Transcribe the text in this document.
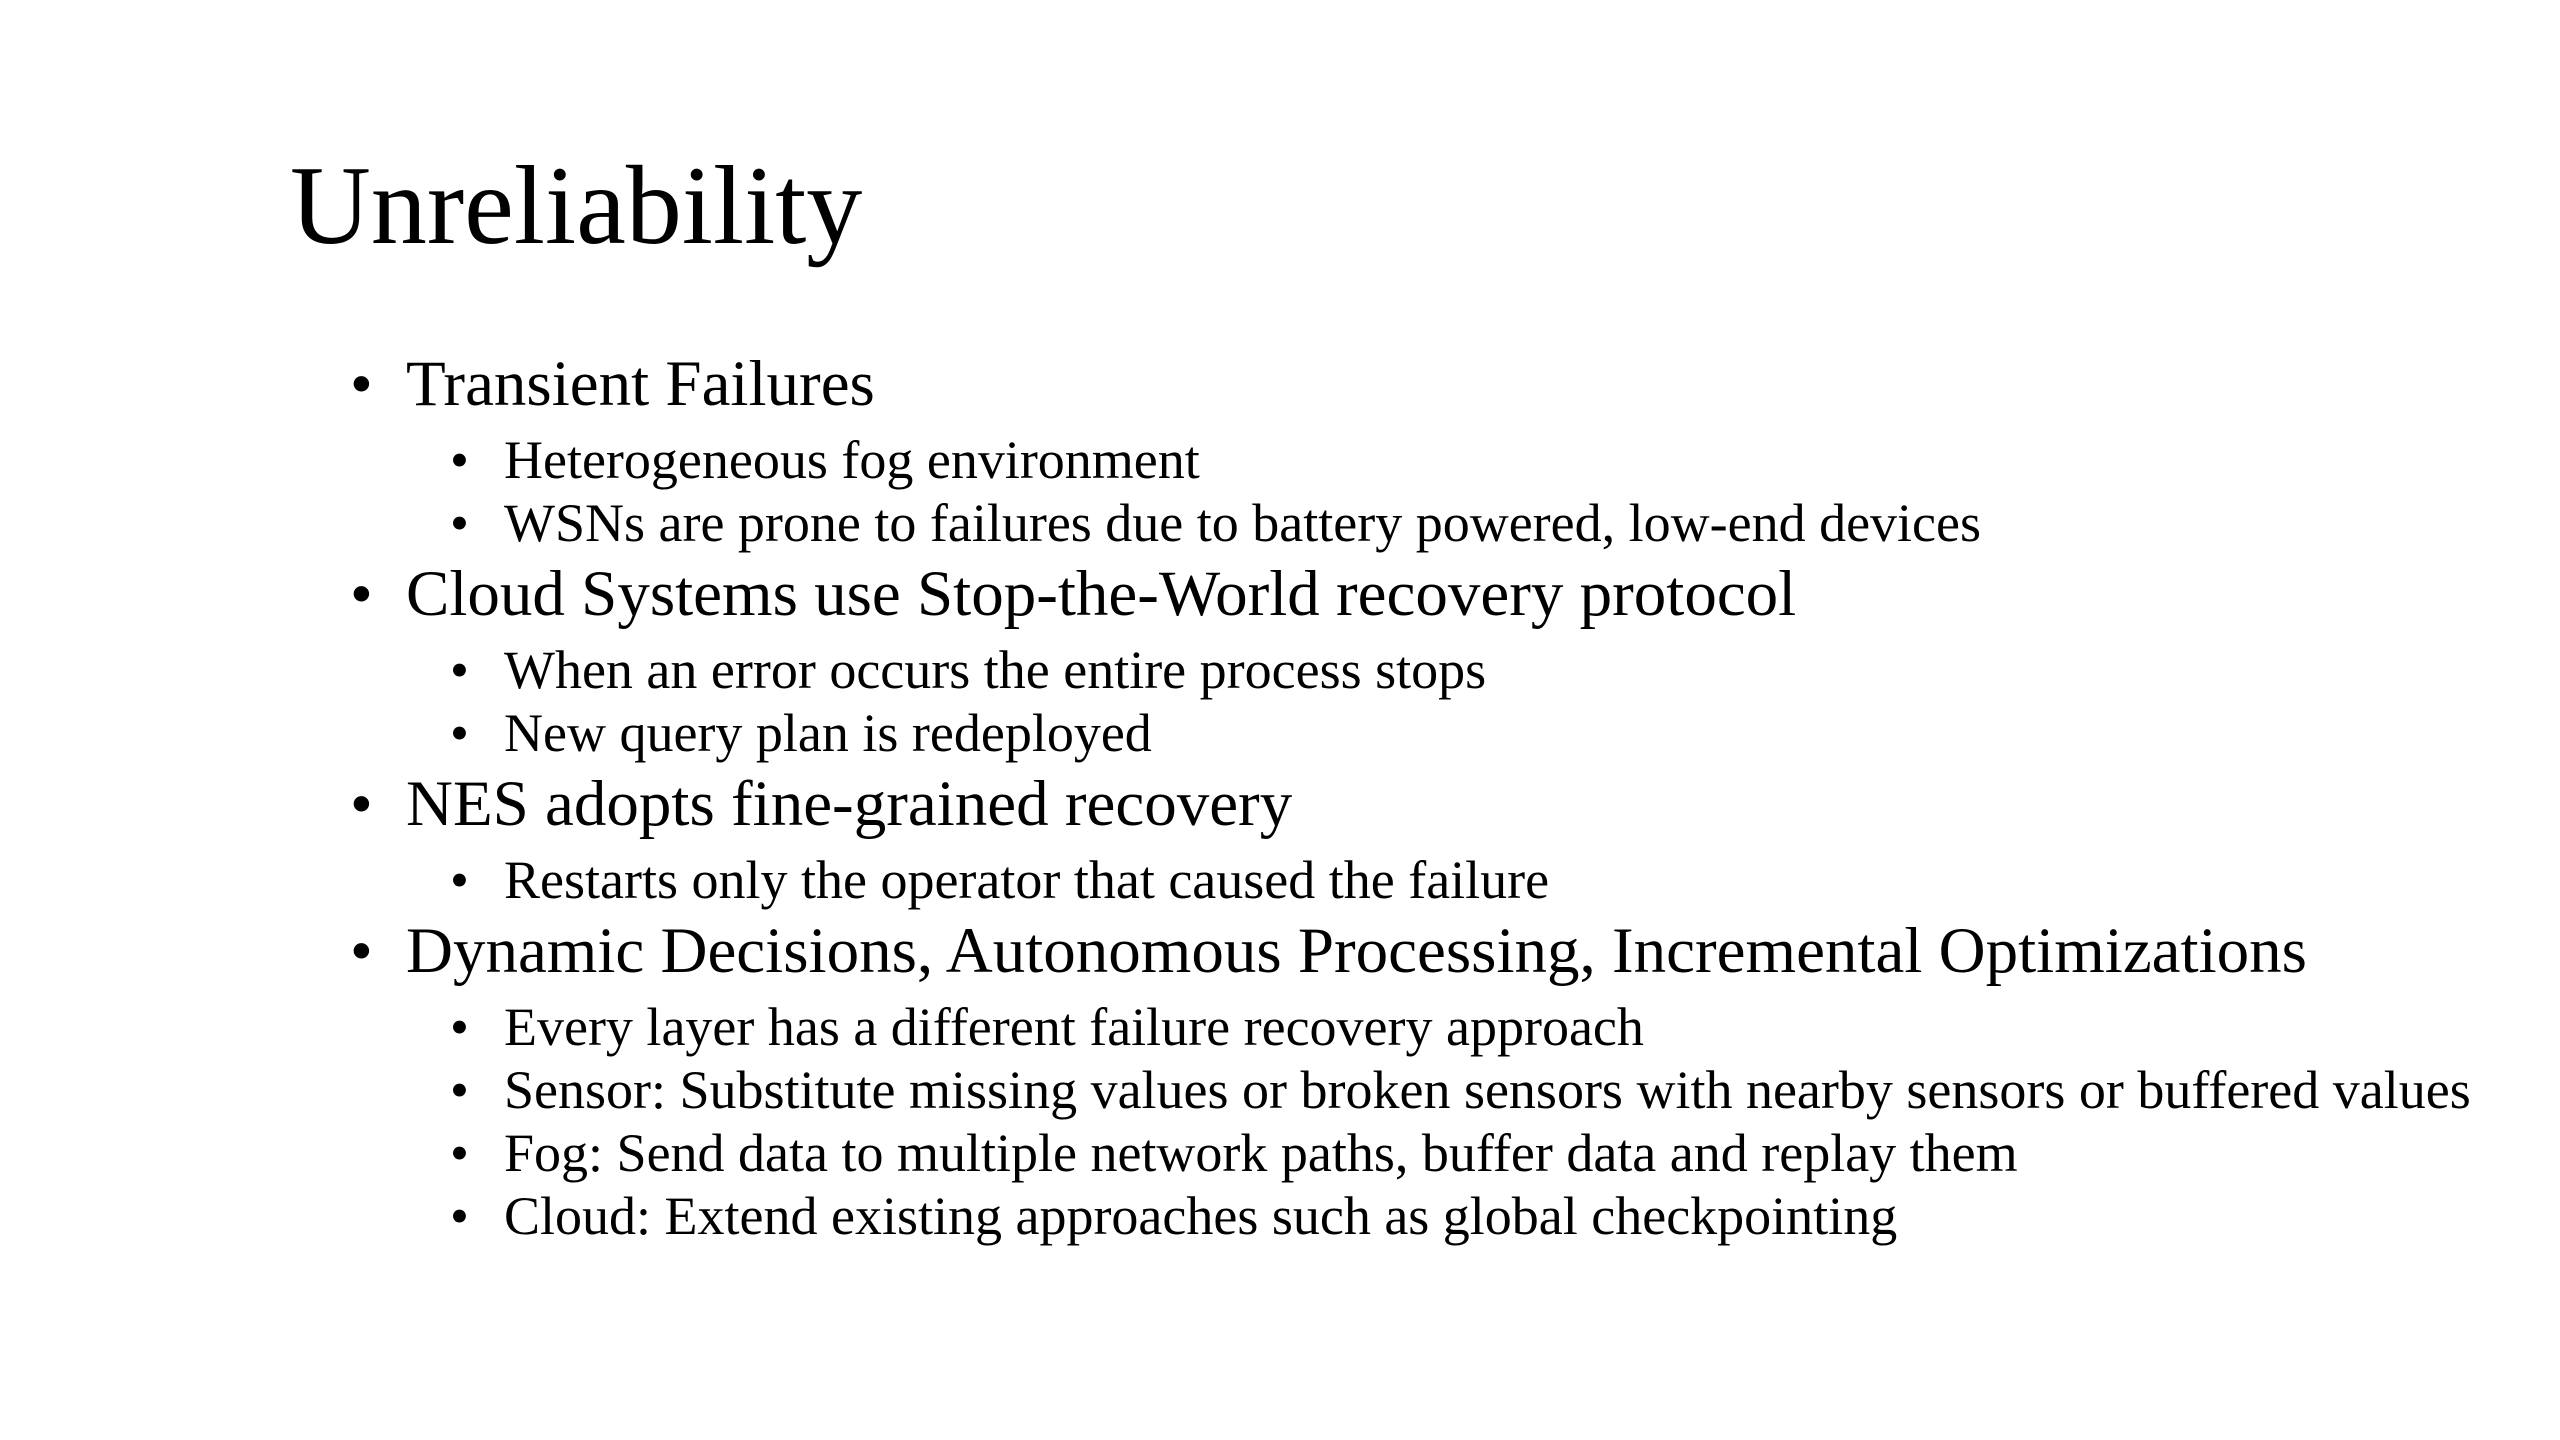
Unreliability
• Transient Failures
• Heterogeneous fog environment
• WSNs are prone to failures due to battery powered, low-end devices
• Cloud Systems use Stop-the-World recovery protocol
• When an error occurs the entire process stops
• New query plan is redeployed
• NES adopts fine-grained recovery
• Restarts only the operator that caused the failure
• Dynamic Decisions, Autonomous Processing, Incremental Optimizations
• Every layer has a different failure recovery approach
• Sensor: Substitute missing values or broken sensors with nearby sensors or buffered values
• Fog: Send data to multiple network paths, buffer data and replay them
• Cloud: Extend existing approaches such as global checkpointing
